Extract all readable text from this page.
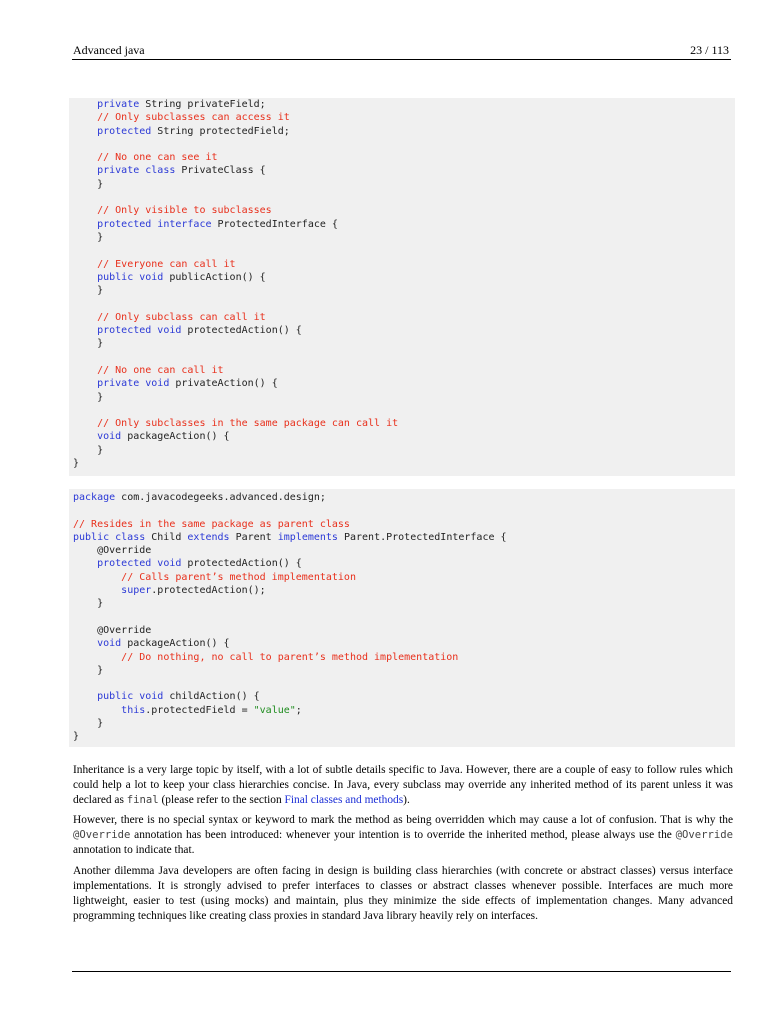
Advanced java	23 / 113
private String privateField;
// Only subclasses can access it
protected String protectedField;
// No one can see it
private class PrivateClass {
}
// Only visible to subclasses
protected interface ProtectedInterface {
}
// Everyone can call it
public void publicAction() {
}
// Only subclass can call it
protected void protectedAction() {
}
// No one can call it
private void privateAction() {
}
// Only subclasses in the same package can call it
void packageAction() {
}
}
package com.javacodegeeks.advanced.design;
// Resides in the same package as parent class
public class Child extends Parent implements Parent.ProtectedInterface {
@Override
protected void protectedAction() {
// Calls parent’s method implementation
super.protectedAction();
}
@Override
void packageAction() {
// Do nothing, no call to parent’s method implementation
}
public void childAction() {
this.protectedField = "value";
}
}

Inheritance is a very large topic by itself, with a lot of subtle details specific to Java. However, there are a couple of easy to follow rules which could help a lot to keep your class hierarchies concise. In Java, every subclass may override any inherited method of its parent unless it was declared as final (please refer to the section Final classes and methods).

However, there is no special syntax or keyword to mark the method as being overridden which may cause a lot of confusion. That is why the @Override annotation has been introduced: whenever your intention is to override the inherited method, please always use the @Override annotation to indicate that.

Another dilemma Java developers are often facing in design is building class hierarchies (with concrete or abstract classes) versus interface implementations. It is strongly advised to prefer interfaces to classes or abstract classes whenever possible. Interfaces are much more lightweight, easier to test (using mocks) and maintain, plus they minimize the side effects of implementation changes. Many advanced programming techniques like creating class proxies in standard Java library heavily rely on interfaces.
